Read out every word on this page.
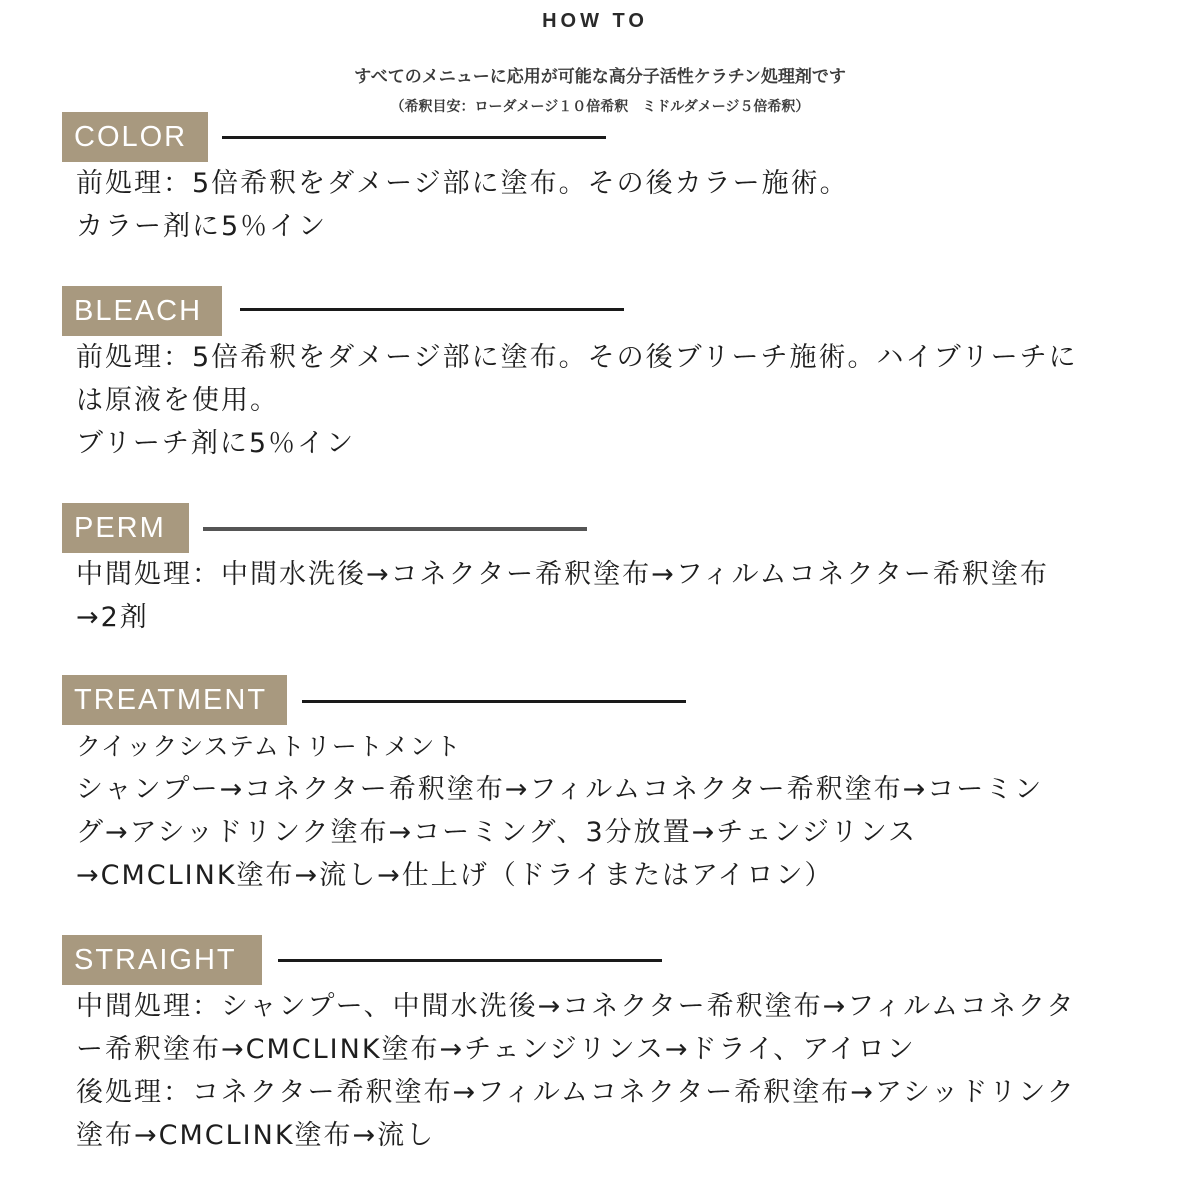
HOW TO
すべてのメニューに応用が可能な高分子活性ケラチン処理剤です
（希釈目安：ローダメージ１０倍希釈　ミドルダメージ５倍希釈）
COLOR
前処理：5倍希釈をダメージ部に塗布。その後カラー施術。
カラー剤に5％イン
BLEACH
前処理：5倍希釈をダメージ部に塗布。その後ブリーチ施術。ハイブリーチに
は原液を使用。
ブリーチ剤に5％イン
PERM
中間処理：中間水洗後→コネクター希釈塗布→フィルムコネクター希釈塗布
→2剤
TREATMENT
クイックシステムトリートメント
シャンプー→コネクター希釈塗布→フィルムコネクター希釈塗布→コーミン
グ→アシッドリンク塗布→コーミング、3分放置→チェンジリンス
→CMCLINK塗布→流し→仕上げ（ドライまたはアイロン）
STRAIGHT
中間処理：シャンプー、中間水洗後→コネクター希釈塗布→フィルムコネクタ
ー希釈塗布→CMCLINK塗布→チェンジリンス→ドライ、アイロン
後処理：コネクター希釈塗布→フィルムコネクター希釈塗布→アシッドリンク
塗布→CMCLINK塗布→流し
